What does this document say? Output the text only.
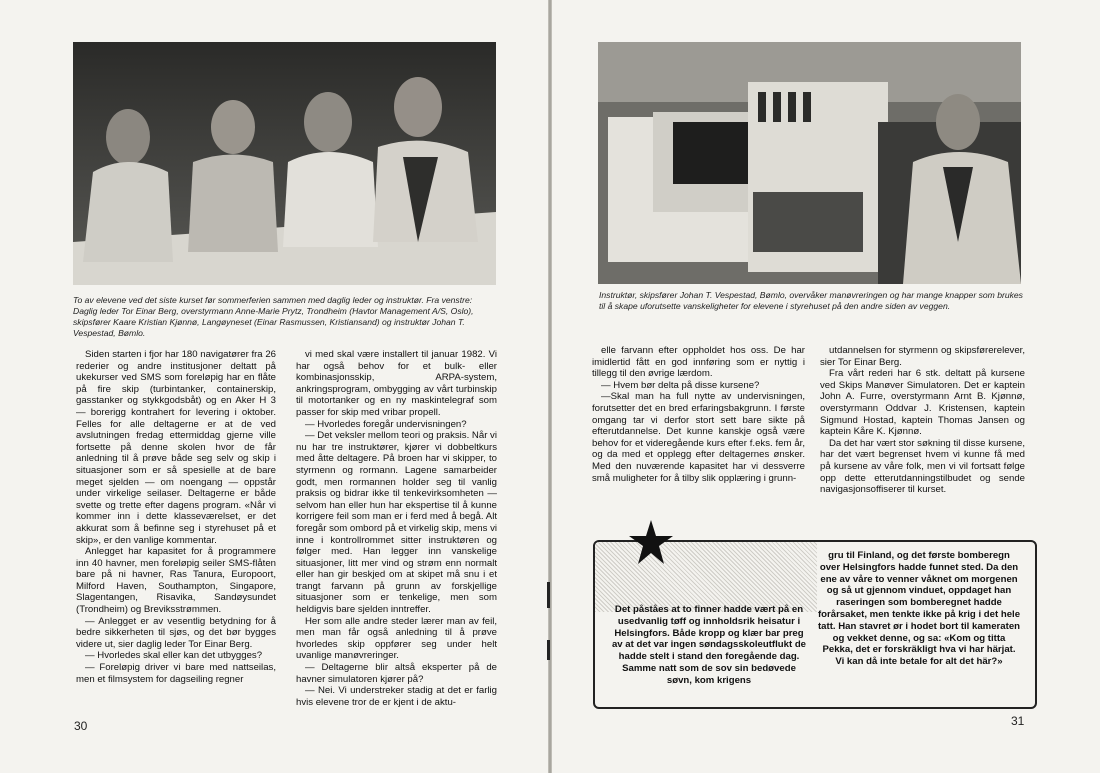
To av elevene ved det siste kurset før sommerferien sammen med daglig leder og instruktør. Fra venstre: Daglig leder Tor Einar Berg, overstyrmann Anne-Marie Prytz, Trondheim (Havtor Management A/S, Oslo), skipsfører Kaare Kristian Kjønnø, Langøyneset (Einar Rasmussen, Kristiansand) og instruktør Johan T. Vespestad, Bømlo.

Siden starten i fjor har 180 navigatører fra 26 rederier og andre institusjoner deltatt på ukekurser ved SMS som foreløpig har en flåte på fire skip (turbintanker, containerskip, gasstanker og stykkgodsbåt) og en Aker H 3 — borerigg kontrahert for levering i oktober. Felles for alle deltagerne er at de ved avslutningen fredag ettermiddag gjerne ville fortsette på denne skolen hvor de får anledning til å prøve både seg selv og skip i situasjoner som er så spesielle at de bare meget sjelden — om noengang — oppstår under virkelige seilaser. Deltagerne er både svette og trette efter dagens program. «Når vi kommer inn i dette klasseværelset, er det akkurat som å befinne seg i styrehuset på et skip», er den vanlige kommentar.

Anlegget har kapasitet for å programmere inn 40 havner, men foreløpig seiler SMS-flåten bare på ni havner, Ras Tanura, Europoort, Milford Haven, Southampton, Singapore, Slagentangen, Risavika, Sandøysundet (Trondheim) og Breviksstrømmen.

— Anlegget er av vesentlig betydning for å bedre sikkerheten til sjøs, og det bør bygges videre ut, sier daglig leder Tor Einar Berg.

— Hvorledes skal eller kan det utbygges?

— Foreløpig driver vi bare med nattseilas, men et filmsystem for dagseiling regner

vi med skal være installert til januar 1982. Vi har også behov for et bulk- eller kombinasjonsskip, ARPA-system, ankringsprogram, ombygging av vårt turbinskip til motortanker og en ny maskintelegraf som passer for skip med vribar propell.

— Hvorledes foregår undervisningen?

— Det veksler mellom teori og praksis. Når vi nu har tre instruktører, kjører vi dobbeltkurs med åtte deltagere. På broen har vi skipper, to styrmenn og rormann. Lagene samarbeider godt, men rormannen holder seg til vanlig praksis og bidrar ikke til tenkevirksomheten — selvom han eller hun har ekspertise til å kunne korrigere feil som man er i ferd med å begå. Alt foregår som ombord på et virkelig skip, mens vi inne i kontrollrommet sitter instruktøren og følger med. Han legger inn vanskelige situasjoner, litt mer vind og strøm enn normalt eller han gir beskjed om at skipet må snu i et trangt farvann på grunn av forskjellige situasjoner som er tenkelige, men som heldigvis bare sjelden inntreffer.

Her som alle andre steder lærer man av feil, men man får også anledning til å prøve hvorledes skip oppfører seg under helt uvanlige manøvreringer.

— Deltagerne blir altså eksperter på de havner simulatoren kjører på?

— Nei. Vi understreker stadig at det er farlig hvis elevene tror de er kjent i de aktu-

30

Instruktør, skipsfører Johan T. Vespestad, Bømlo, overvåker manøvreringen og har mange knapper som brukes til å skape uforutsette vanskeligheter for elevene i styrehuset på den andre siden av veggen.

elle farvann efter oppholdet hos oss. De har imidlertid fått en god innføring som er nyttig i tillegg til den øvrige lærdom.

— Hvem bør delta på disse kursene?

—Skal man ha full nytte av undervisningen, forutsetter det en bred erfaringsbakgrunn. I første omgang tar vi derfor stort sett bare sikte på efterutdannelse. Det kunne kanskje også være behov for et videregående kurs efter f.eks. fem år, og da med et opplegg efter deltagernes ønsker. Med den nuværende kapasitet har vi dessverre små muligheter for å tilby slik opplæring i grunn-

utdannelsen for styrmenn og skipsførerelever, sier Tor Einar Berg.

Fra vårt rederi har 6 stk. deltatt på kursene ved Skips Manøver Simulatoren. Det er kaptein John A. Furre, overstyrmann Arnt B. Kjønnø, overstyrmann Oddvar J. Kristensen, kaptein Sigmund Hostad, kaptein Thomas Jansen og kaptein Kåre K. Kjønnø.

Da det har vært stor søkning til disse kursene, har det vært begrenset hvem vi kunne få med på kursene av våre folk, men vi vil fortsatt følge opp dette etterutdanningstilbudet og sende navigasjonsoffiserer til kurset.

31
Det påståes at to finner hadde vært på en usedvanlig tøff og innholdsrik heisatur i Helsingfors. Både kropp og klær bar preg av at det var ingen søndagsskoleutflukt de hadde stelt i stand den foregående dag. Samme natt som de sov sin bedøvede søvn, kom krigens
gru til Finland, og det første bomberegn over Helsingfors hadde funnet sted. Da den ene av våre to venner våknet om morgenen og så ut gjennom vinduet, oppdaget han raseringen som bomberegnet hadde forårsaket, men tenkte ikke på krig i det hele tatt. Han stavret ør i hodet bort til kameraten og vekket denne, og sa: «Kom og titta Pekka, det er forskräkligt hva vi har härjat. Vi kan då inte betale for alt det här?»
